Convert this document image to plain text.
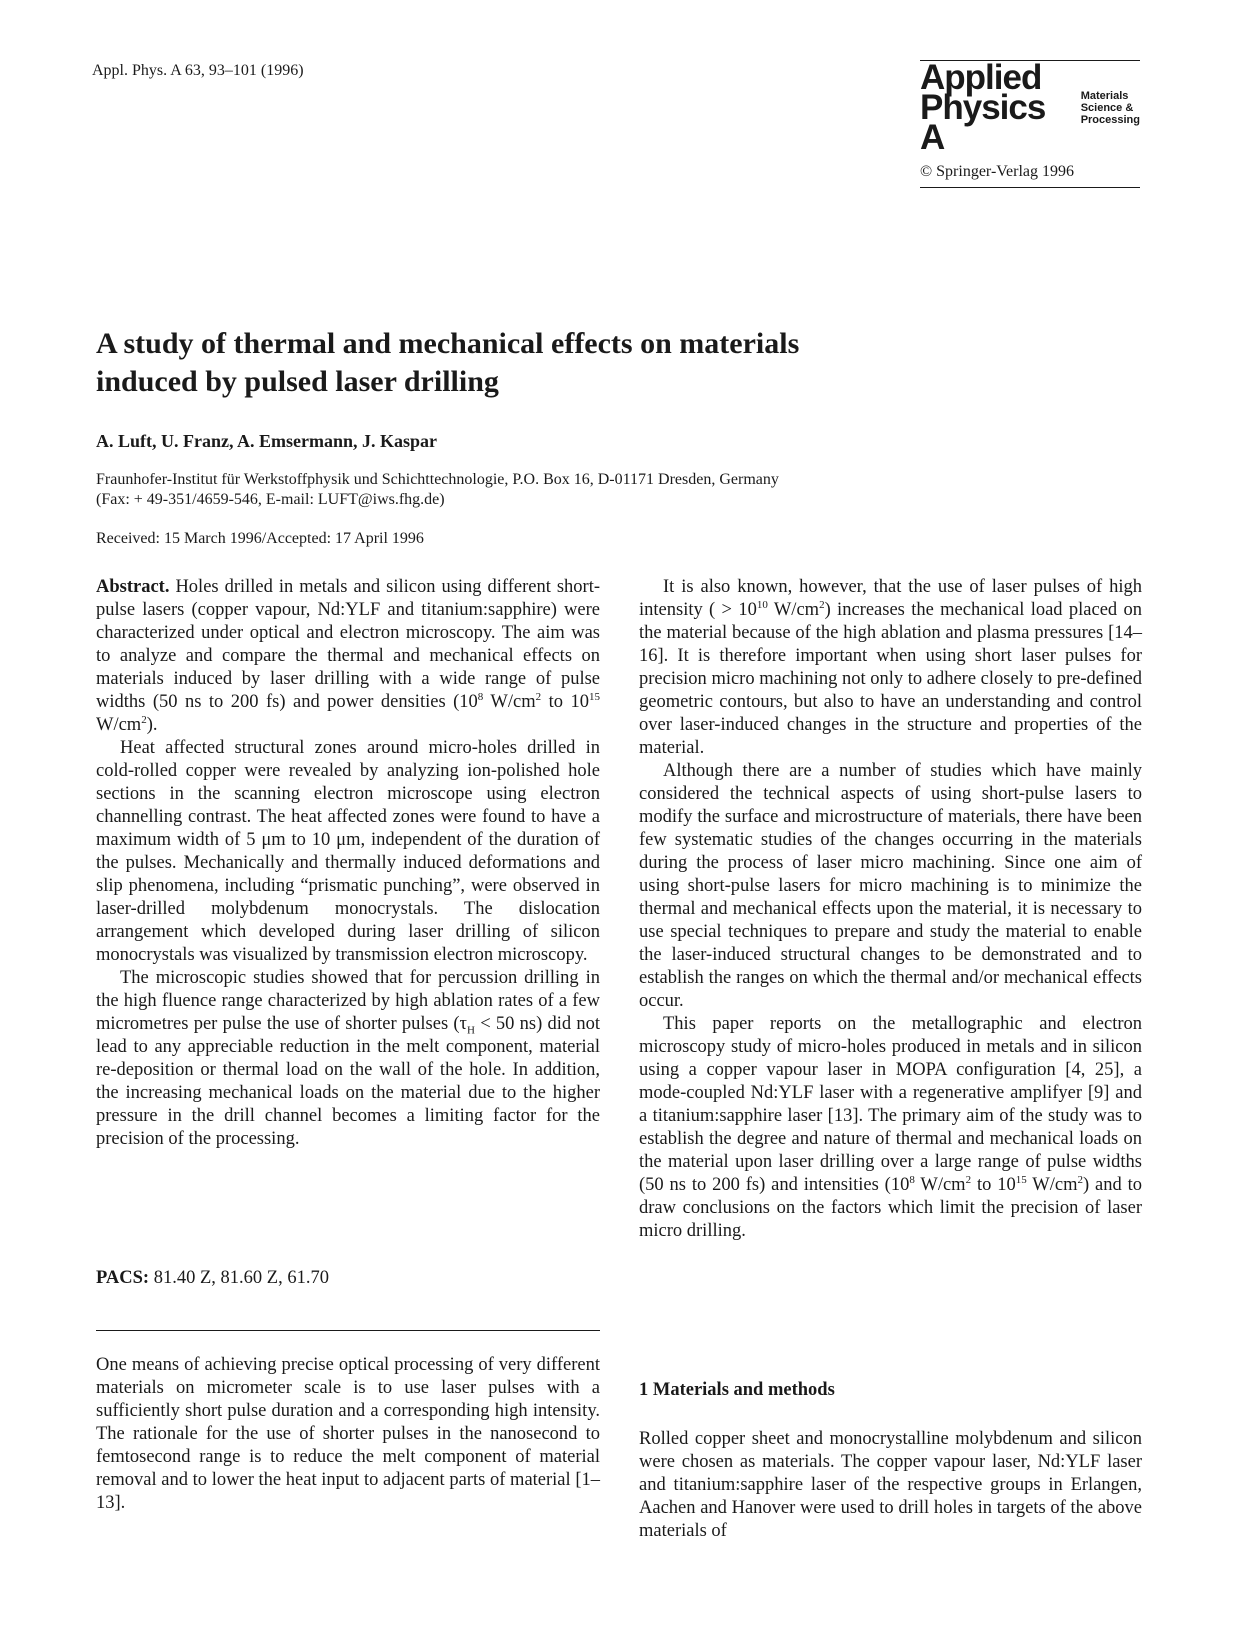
Appl. Phys. A 63, 93–101 (1996)	Applied
Physics A
Materials
Science &
Processing
© Springer-Verlag 1996
A study of thermal and mechanical effects on materials
induced by pulsed laser drilling
A. Luft, U. Franz, A. Emsermann, J. Kaspar
Fraunhofer-Institut für Werkstoffphysik und Schichttechnologie, P.O. Box 16, D-01171 Dresden, Germany
(Fax: + 49-351/4659-546, E-mail: LUFT@iws.fhg.de)
Received: 15 March 1996/Accepted: 17 April 1996

Abstract. Holes drilled in metals and silicon using different short-pulse lasers (copper vapour, Nd:YLF and titanium:sapphire) were characterized under optical and electron microscopy. The aim was to analyze and compare the thermal and mechanical effects on materials induced by laser drilling with a wide range of pulse widths (50 ns to 200 fs) and power densities ($10^8$ $W/cm^2$ to $10^{15}$ $W/cm^2$).

Heat affected structural zones around micro-holes drilled in cold-rolled copper were revealed by analyzing ion-polished hole sections in the scanning electron microscope using electron channelling contrast. The heat affected zones were found to have a maximum width of 5 μm to 10 μm, independent of the duration of the pulses. Mechanically and thermally induced deformations and slip phenomena, including “prismatic punching”, were observed in laser-drilled molybdenum monocrystals. The dislocation arrangement which developed during laser drilling of silicon monocrystals was visualized by transmission electron microscopy.

The microscopic studies showed that for percussion drilling in the high fluence range characterized by high ablation rates of a few micrometres per pulse the use of shorter pulses ($\tau_H < 50$ ns) did not lead to any appreciable reduction in the melt component, material re-deposition or thermal load on the wall of the hole. In addition, the increasing mechanical loads on the material due to the higher pressure in the drill channel becomes a limiting factor for the precision of the processing.

PACS: 81.40 Z, 81.60 Z, 61.70

One means of achieving precise optical processing of very different materials on micrometer scale is to use laser pulses with a sufficiently short pulse duration and a corresponding high intensity. The rationale for the use of shorter pulses in the nanosecond to femtosecond range is to reduce the melt component of material removal and to lower the heat input to adjacent parts of material [1–13].

It is also known, however, that the use of laser pulses of high intensity ( > $10^{10}$ $W/cm^2$) increases the mechanical load placed on the material because of the high ablation and plasma pressures [14–16]. It is therefore important when using short laser pulses for precision micro machining not only to adhere closely to pre-defined geometric contours, but also to have an understanding and control over laser-induced changes in the structure and properties of the material.

Although there are a number of studies which have mainly considered the technical aspects of using short-pulse lasers to modify the surface and microstructure of materials, there have been few systematic studies of the changes occurring in the materials during the process of laser micro machining. Since one aim of using short-pulse lasers for micro machining is to minimize the thermal and mechanical effects upon the material, it is necessary to use special techniques to prepare and study the material to enable the laser-induced structural changes to be demonstrated and to establish the ranges on which the thermal and/or mechanical effects occur.

This paper reports on the metallographic and electron microscopy study of micro-holes produced in metals and in silicon using a copper vapour laser in MOPA configuration [4, 25], a mode-coupled Nd:YLF laser with a regenerative amplifyer [9] and a titanium:sapphire laser [13]. The primary aim of the study was to establish the degree and nature of thermal and mechanical loads on the material upon laser drilling over a large range of pulse widths (50 ns to 200 fs) and intensities ($10^8$ $W/cm^2$ to $10^{15}$ $W/cm^2$) and to draw conclusions on the factors which limit the precision of laser micro drilling.

1 Materials and methods

Rolled copper sheet and monocrystalline molybdenum and silicon were chosen as materials. The copper vapour laser, Nd:YLF laser and titanium:sapphire laser of the respective groups in Erlangen, Aachen and Hanover were used to drill holes in targets of the above materials of
